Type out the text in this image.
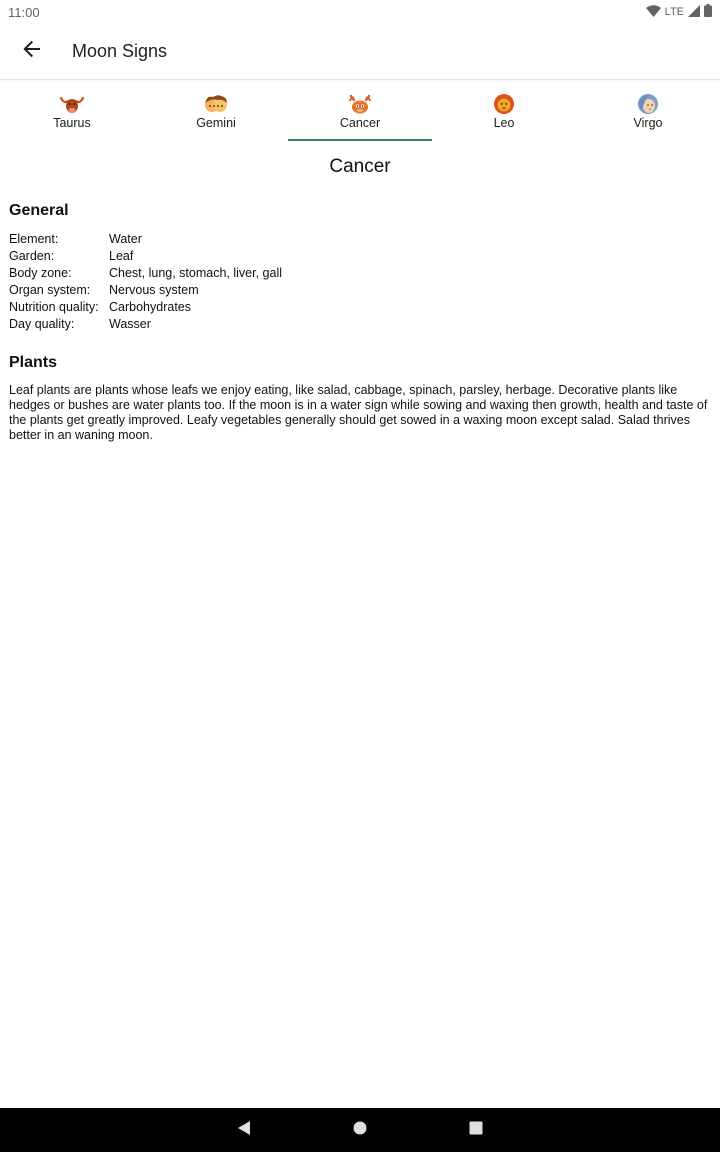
11:00	LTE
Moon Signs
Taurus	Gemini	Cancer	Leo	Virgo
Cancer
General
Element:	Water
Garden:	Leaf
Body zone:	Chest, lung, stomach, liver, gall
Organ system:	Nervous system
Nutrition quality: Carbohydrates
Day quality:	Wasser
Plants
Leaf plants are plants whose leafs we enjoy eating, like salad, cabbage, spinach, parsley, herbage. Decorative plants like hedges or bushes are water plants too. If the moon is in a water sign while sowing and waxing then growth, health and taste of the plants get greatly improved. Leafy vegetables generally should get sowed in a waxing moon except salad. Salad thrives better in an waning moon.
